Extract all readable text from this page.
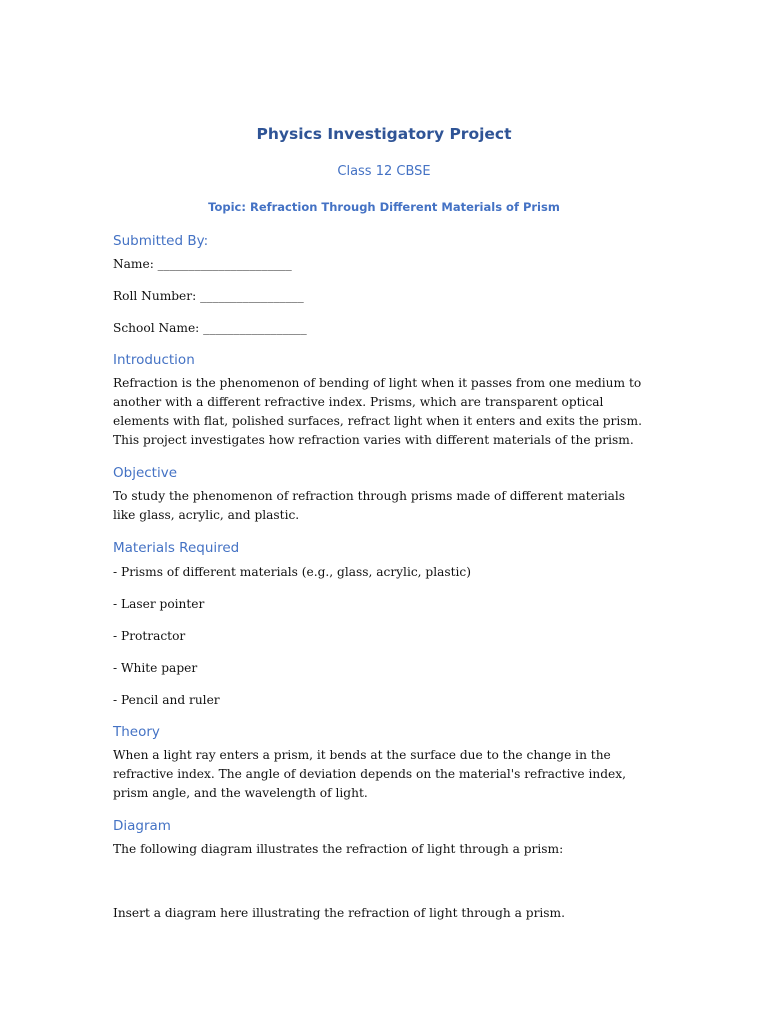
Physics Investigatory Project
Class 12 CBSE
Topic: Refraction Through Different Materials of Prism
Submitted By:

Name: ______________________

Roll Number: _________________

School Name: _________________

Introduction

Refraction is the phenomenon of bending of light when it passes from one medium to another with a different refractive index. Prisms, which are transparent optical elements with flat, polished surfaces, refract light when it enters and exits the prism. This project investigates how refraction varies with different materials of the prism.

Objective

To study the phenomenon of refraction through prisms made of different materials like glass, acrylic, and plastic.

Materials Required

- Prisms of different materials (e.g., glass, acrylic, plastic)

- Laser pointer

- Protractor

- White paper

- Pencil and ruler

Theory

When a light ray enters a prism, it bends at the surface due to the change in the refractive index. The angle of deviation depends on the material's refractive index, prism angle, and the wavelength of light.

Diagram

The following diagram illustrates the refraction of light through a prism:

Insert a diagram here illustrating the refraction of light through a prism.
